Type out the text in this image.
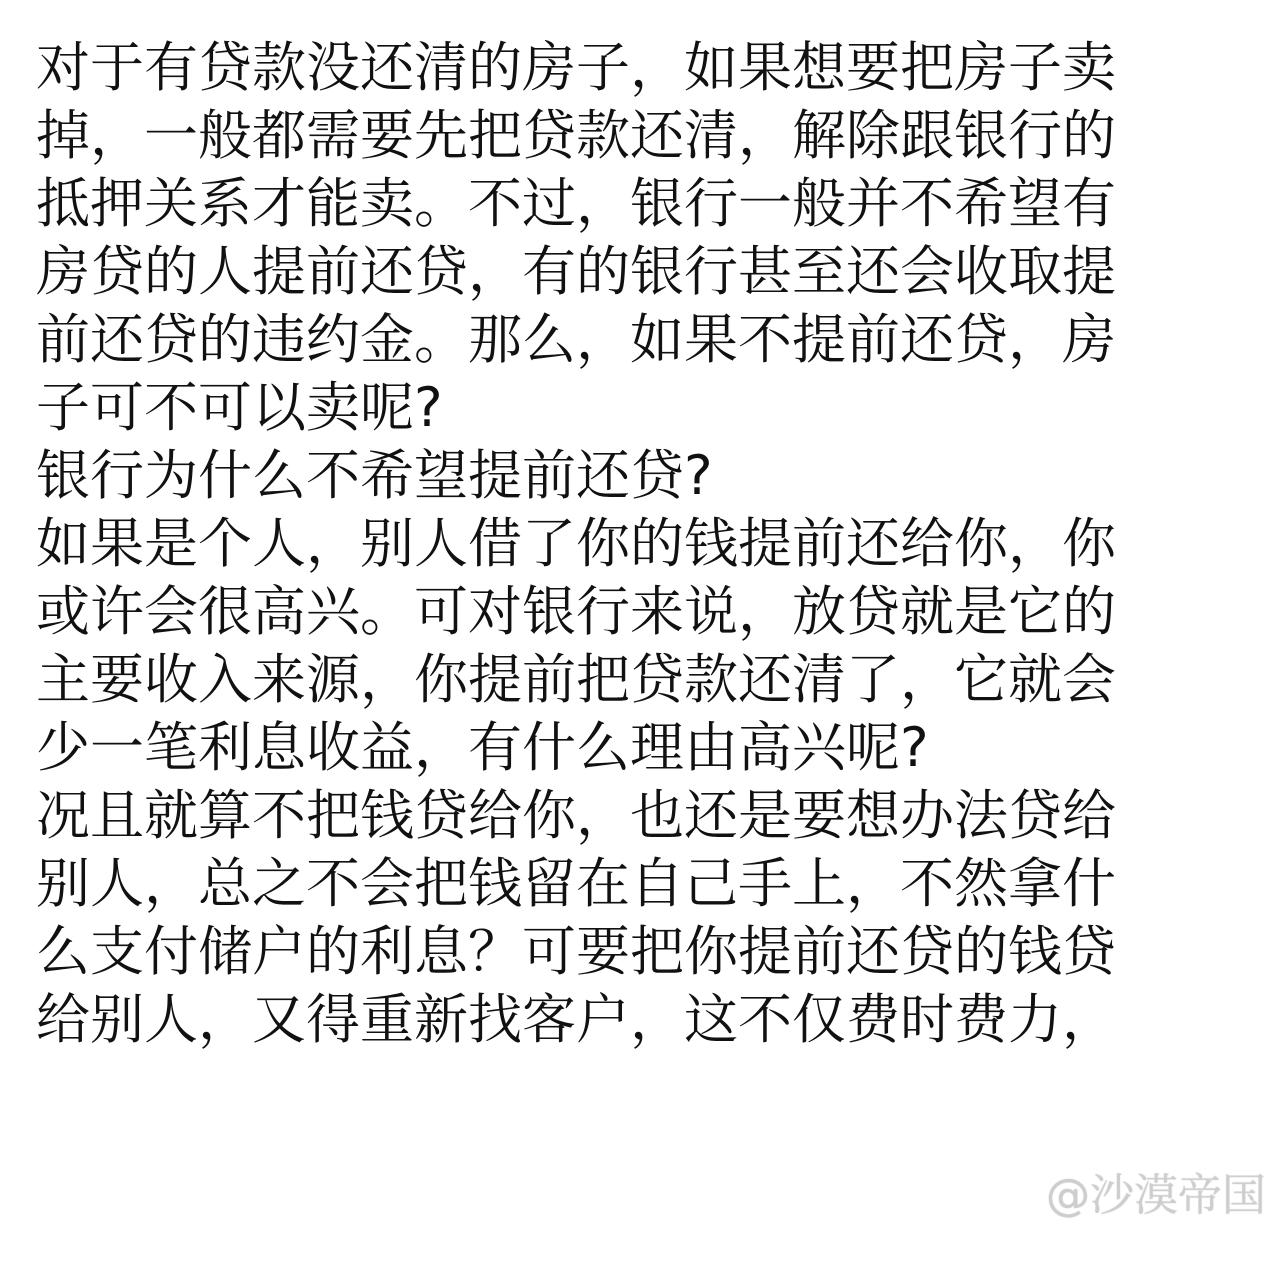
对于有贷款没还清的房子，如果想要把房子卖
掉，一般都需要先把贷款还清，解除跟银行的
抵押关系才能卖。不过，银行一般并不希望有
房贷的人提前还贷，有的银行甚至还会收取提
前还贷的违约金。那么，如果不提前还贷，房
子可不可以卖呢?
银行为什么不希望提前还贷?
如果是个人，别人借了你的钱提前还给你，你
或许会很高兴。可对银行来说，放贷就是它的
主要收入来源，你提前把贷款还清了，它就会
少一笔利息收益，有什么理由高兴呢?
况且就算不把钱贷给你，也还是要想办法贷给
别人，总之不会把钱留在自己手上，不然拿什
么支付储户的利息？可要把你提前还贷的钱贷
给别人，又得重新找客户，这不仅费时费力，
@沙漠帝国
